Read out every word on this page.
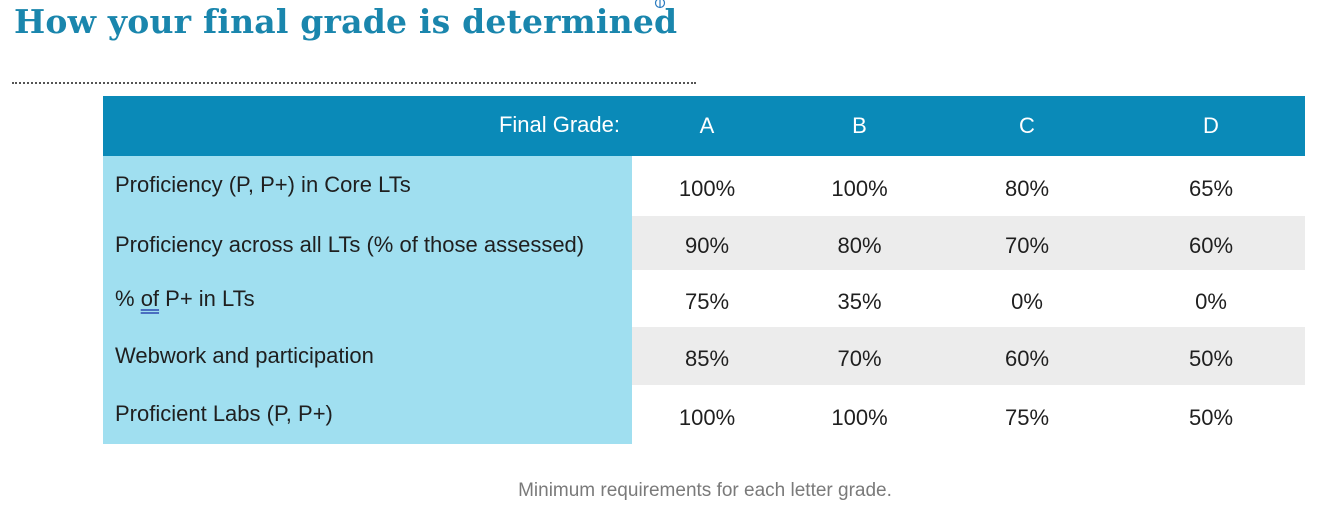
How your final grade is determined
Final Grade:	A	B	C	D
Proficiency (P, P+) in Core LTs	100%	100%	80%	65%
Proficiency across all LTs (% of those assessed)	90%	80%	70%	60%
% of P+ in LTs	75%	35%	0%	0%
Webwork and participation	85%	70%	60%	50%
Proficient Labs (P, P+)	100%	100%	75%	50%

Minimum requirements for each letter grade.
